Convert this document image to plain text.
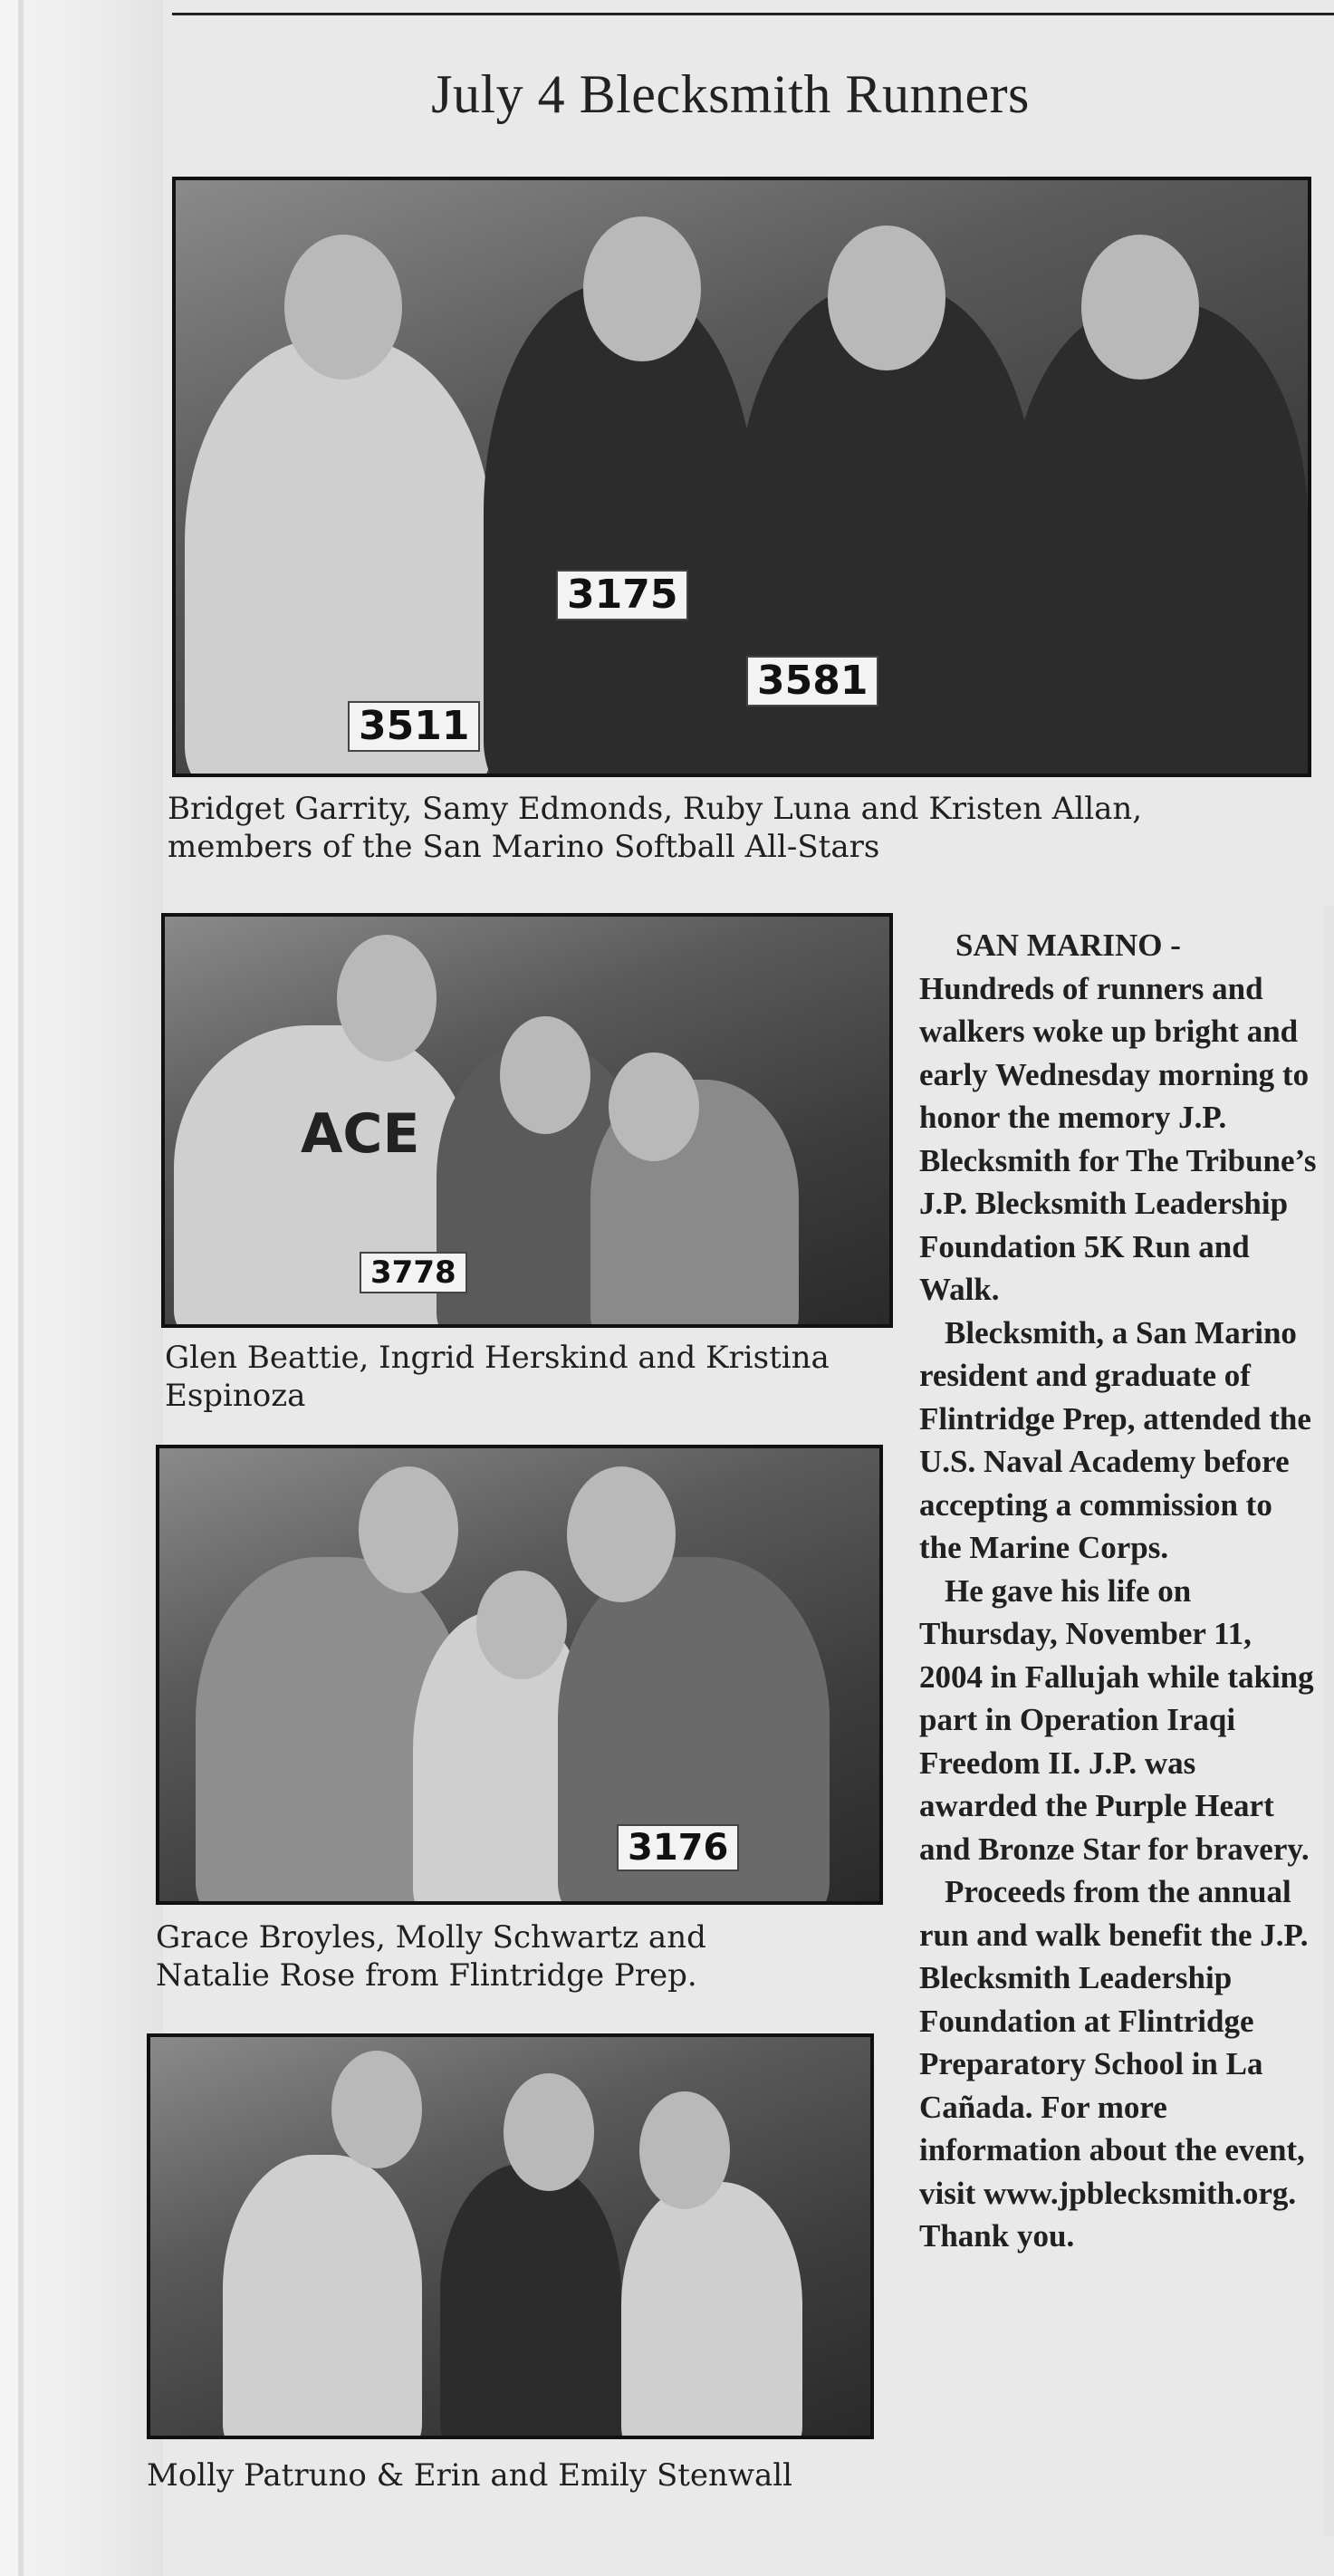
July 4 Blecksmith Runners
3511
3175
3581
Bridget Garrity, Samy Edmonds, Ruby Luna and Kristen Allan, members of the San Marino Softball All-Stars
ACE
3778
Glen Beattie, Ingrid Herskind and Kristina Espinoza
3176
Grace Broyles, Molly Schwartz and Natalie Rose from Flintridge Prep.
Molly Patruno & Erin and Emily Stenwall

SAN MARINO -
Hundreds of runners and walkers woke up bright and early Wednesday morning to honor the memory J.P. Blecksmith for The Tribune’s J.P. Blecksmith Leadership Foundation 5K Run and Walk.

Blecksmith, a San Marino resident and graduate of Flintridge Prep, attended the U.S. Naval Academy before accepting a commission to the Marine Corps.

He gave his life on Thursday, November 11, 2004 in Fallujah while taking part in Operation Iraqi Freedom II. J.P. was awarded the Purple Heart and Bronze Star for bravery.

Proceeds from the annual run and walk benefit the J.P. Blecksmith Leadership Foundation at Flintridge Preparatory School in La Cañada. For more information about the event, visit www.jpblecksmith.org. Thank you.
